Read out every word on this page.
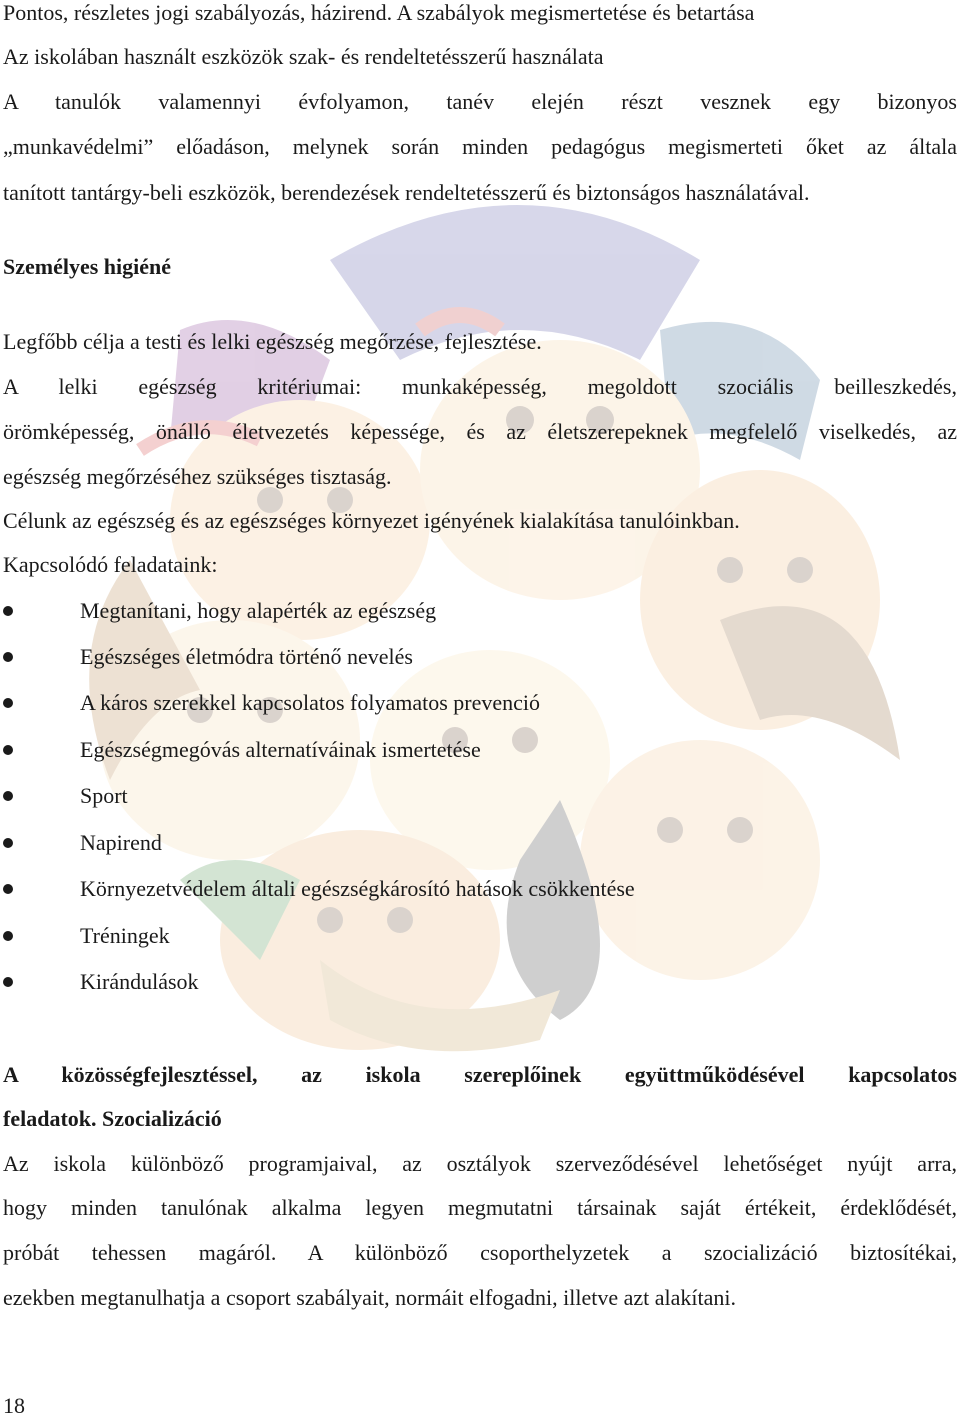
Pontos, részletes jogi szabályozás, házirend. A szabályok megismertetése és betartása
Az iskolában használt eszközök szak- és rendeltetésszerű használata
A tanulók valamennyi évfolyamon, tanév elején részt vesznek egy bizonyos
„munkavédelmi” előadáson, melynek során minden pedagógus megismerteti őket az általa
tanított tantárgy-beli eszközök, berendezések rendeltetésszerű és biztonságos használatával.
Személyes higiéné
Legfőbb célja a testi és lelki egészség megőrzése, fejlesztése.
A lelki egészség kritériumai: munkaképesség, megoldott szociális beilleszkedés,
örömképesség, önálló életvezetés képessége, és az életszerepeknek megfelelő viselkedés, az
egészség megőrzéséhez szükséges tisztaság.
Célunk az egészség és az egészséges környezet igényének kialakítása tanulóinkban.
Kapcsolódó feladataink:
Megtanítani, hogy alapérték az egészség
Egészséges életmódra történő nevelés
A káros szerekkel kapcsolatos folyamatos prevenció
Egészségmegóvás alternatíváinak ismertetése
Sport
Napirend
Környezetvédelem általi egészségkárosító hatások csökkentése
Tréningek
Kirándulások
A közösségfejlesztéssel, az iskola szereplőinek együttműködésével kapcsolatos
feladatok. Szocializáció
Az iskola különböző programjaival, az osztályok szerveződésével lehetőséget nyújt arra,
hogy minden tanulónak alkalma legyen megmutatni társainak saját értékeit, érdeklődését,
próbát tehessen magáról. A különböző csoporthelyzetek a szocializáció biztosítékai,
ezekben megtanulhatja a csoport szabályait, normáit elfogadni, illetve azt alakítani.
18
